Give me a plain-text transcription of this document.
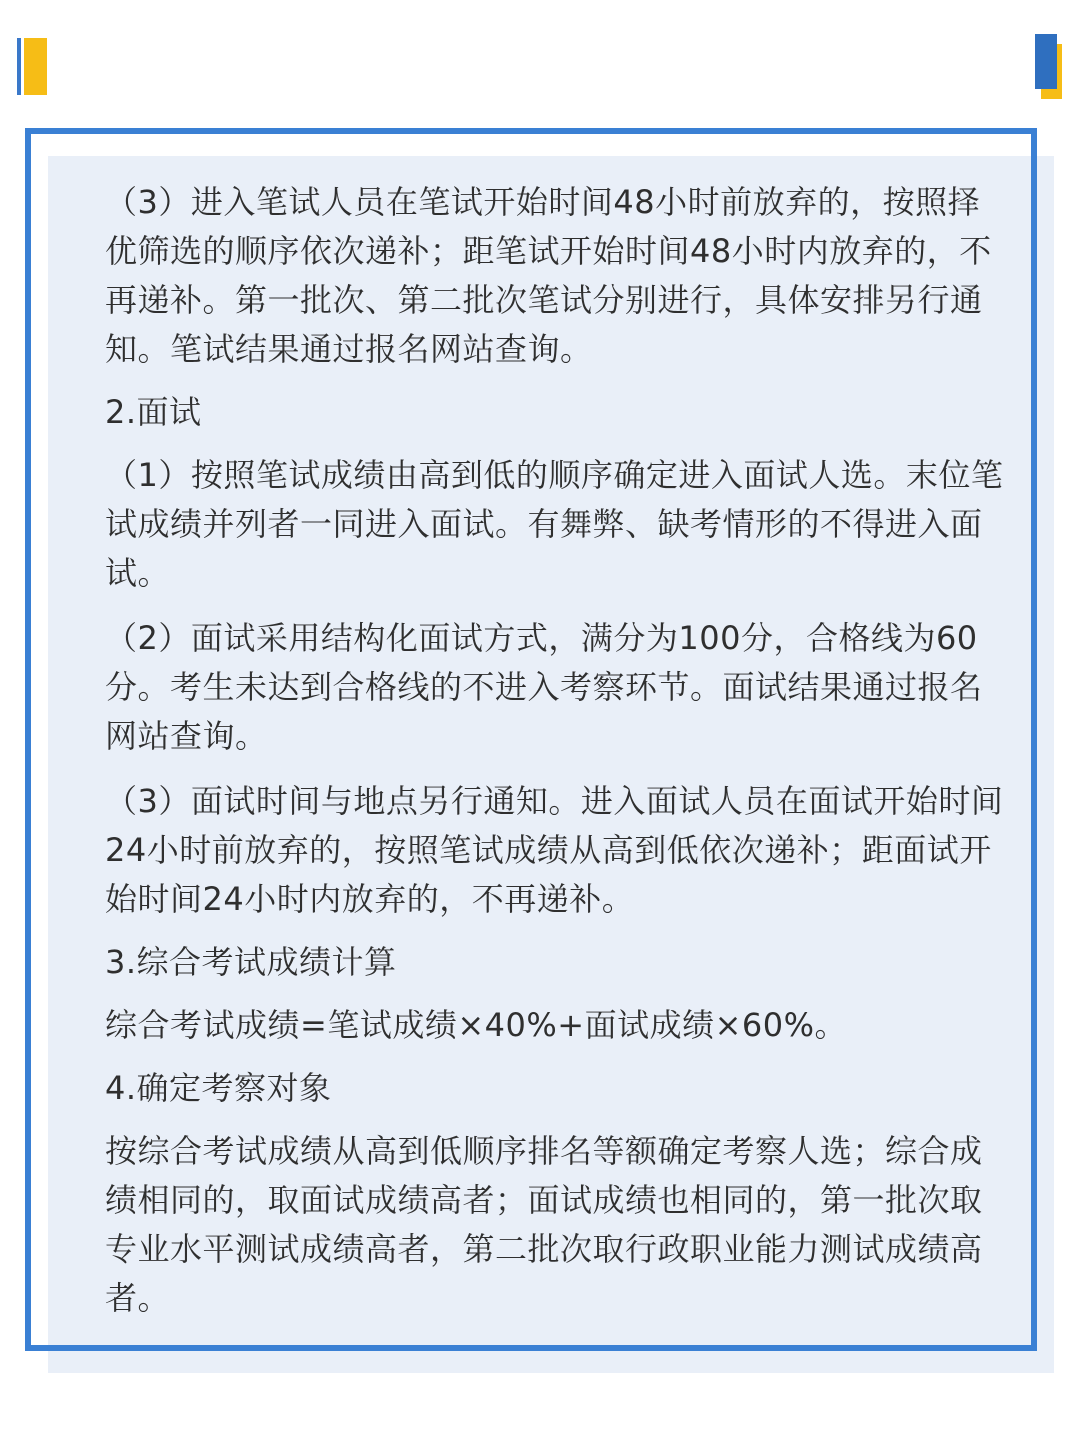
（3）进入笔试人员在笔试开始时间48小时前放弃的，按照择优筛选的顺序依次递补；距笔试开始时间48小时内放弃的，不再递补。第一批次、第二批次笔试分别进行，具体安排另行通知。笔试结果通过报名网站查询。

2.面试

（1）按照笔试成绩由高到低的顺序确定进入面试人选。末位笔试成绩并列者一同进入面试。有舞弊、缺考情形的不得进入面试。

（2）面试采用结构化面试方式，满分为100分，合格线为60分。考生未达到合格线的不进入考察环节。面试结果通过报名网站查询。

（3）面试时间与地点另行通知。进入面试人员在面试开始时间24小时前放弃的，按照笔试成绩从高到低依次递补；距面试开始时间24小时内放弃的，不再递补。

3.综合考试成绩计算

综合考试成绩=笔试成绩×40%+面试成绩×60%。

4.确定考察对象

按综合考试成绩从高到低顺序排名等额确定考察人选；综合成绩相同的，取面试成绩高者；面试成绩也相同的，第一批次取专业水平测试成绩高者，第二批次取行政职业能力测试成绩高者。
